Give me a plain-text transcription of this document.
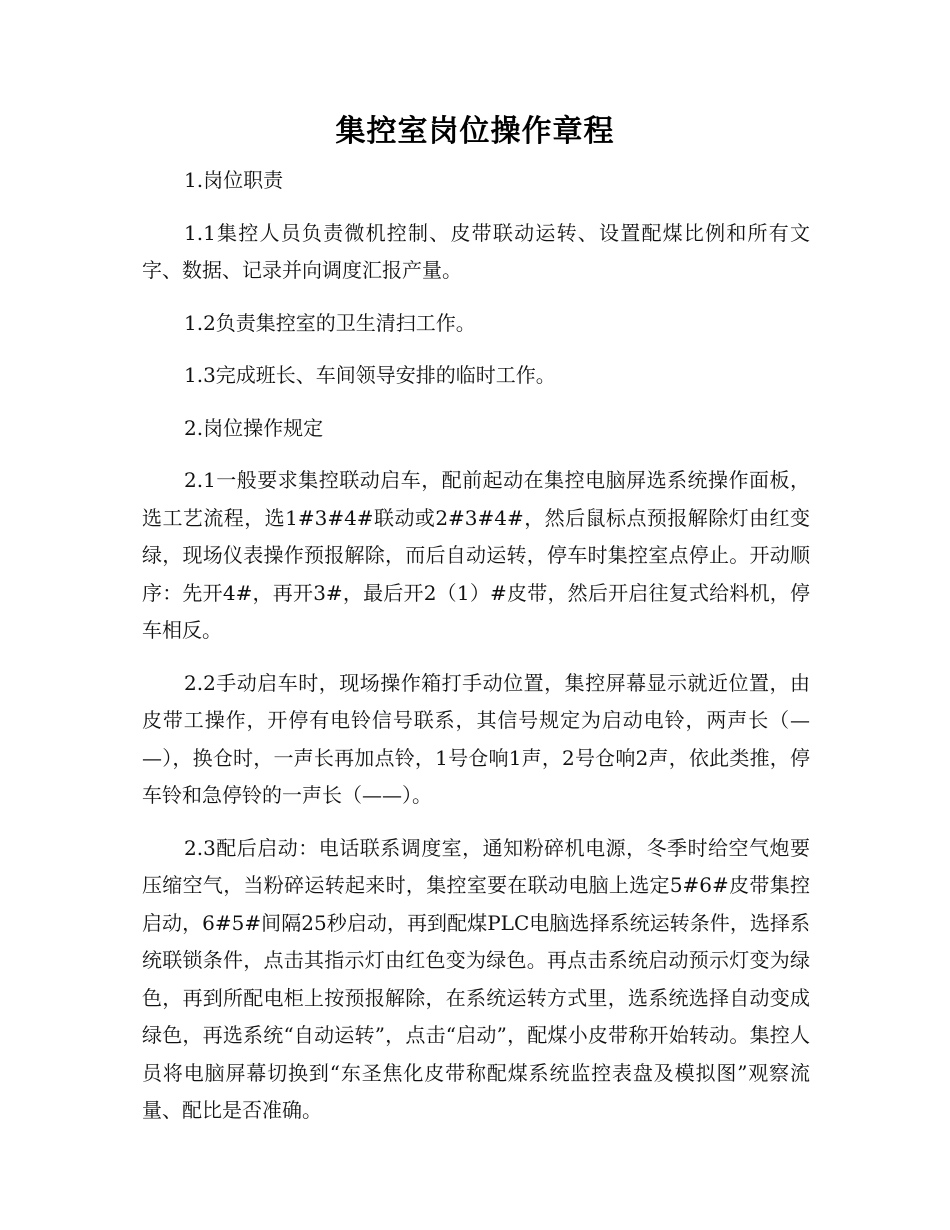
集控室岗位操作章程

1.岗位职责

1.1集控人员负责微机控制、皮带联动运转、设置配煤比例和所有文字、数据、记录并向调度汇报产量。

1.2负责集控室的卫生清扫工作。

1.3完成班长、车间领导安排的临时工作。

2.岗位操作规定

2.1一般要求集控联动启车，配前起动在集控电脑屏选系统操作面板，选工艺流程，选1#3#4#联动或2#3#4#，然后鼠标点预报解除灯由红变绿，现场仪表操作预报解除，而后自动运转，停车时集控室点停止。开动顺序：先开4#，再开3#，最后开2（1）#皮带，然后开启往复式给料机，停车相反。

2.2手动启车时，现场操作箱打手动位置，集控屏幕显示就近位置，由皮带工操作，开停有电铃信号联系，其信号规定为启动电铃，两声长（— —），换仓时，一声长再加点铃，1号仓响1声，2号仓响2声，依此类推，停车铃和急停铃的一声长（——）。

2.3配后启动：电话联系调度室，通知粉碎机电源，冬季时给空气炮要压缩空气，当粉碎运转起来时，集控室要在联动电脑上选定5#6#皮带集控启动，6#5#间隔25秒启动，再到配煤PLC电脑选择系统运转条件，选择系统联锁条件，点击其指示灯由红色变为绿色。再点击系统启动预示灯变为绿色，再到所配电柜上按预报解除，在系统运转方式里，选系统选择自动变成绿色，再选系统“自动运转”，点击“启动”，配煤小皮带称开始转动。集控人员将电脑屏幕切换到“东圣焦化皮带称配煤系统监控表盘及模拟图”观察流量、配比是否准确。
